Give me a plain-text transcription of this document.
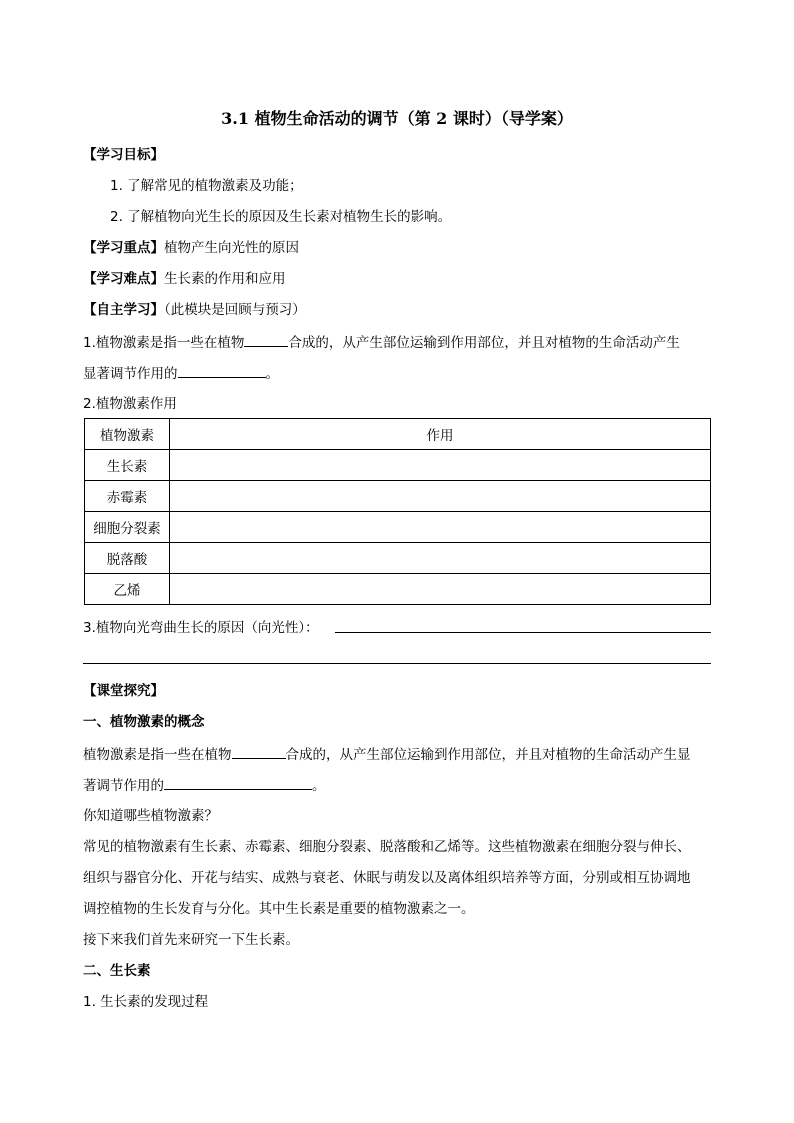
3.1 植物生命活动的调节（第 2 课时）（导学案）
【学习目标】
1. 了解常见的植物激素及功能；
2. 了解植物向光生长的原因及生长素对植物生长的影响。
【学习重点】植物产生向光性的原因
【学习难点】生长素的作用和应用
【自主学习】（此模块是回顾与预习）
1.植物激素是指一些在植物	合成的，从产生部位运输到作用部位，并且对植物的生命活动产生
显著调节作用的	。
2.植物激素作用
植物激素	作用
生长素	
赤霉素	
细胞分裂素	
脱落酸	
乙烯	
3.植物向光弯曲生长的原因（向光性）：
【课堂探究】
一、植物激素的概念
植物激素是指一些在植物	合成的，从产生部位运输到作用部位，并且对植物的生命活动产生显
著调节作用的	。
你知道哪些植物激素？
常见的植物激素有生长素、赤霉素、细胞分裂素、脱落酸和乙烯等。这些植物激素在细胞分裂与伸长、
组织与器官分化、开花与结实、成熟与衰老、休眠与萌发以及离体组织培养等方面，分别或相互协调地
调控植物的生长发育与分化。其中生长素是重要的植物激素之一。
接下来我们首先来研究一下生长素。
二、生长素
1. 生长素的发现过程
